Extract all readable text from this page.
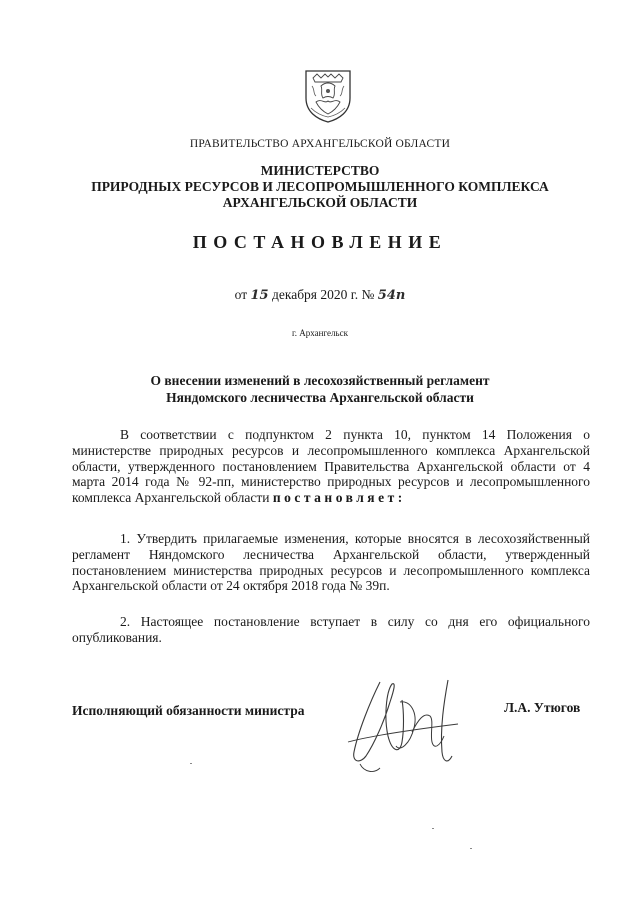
ПРАВИТЕЛЬСТВО АРХАНГЕЛЬСКОЙ ОБЛАСТИ
МИНИСТЕРСТВО
ПРИРОДНЫХ РЕСУРСОВ И ЛЕСОПРОМЫШЛЕННОГО КОМПЛЕКСА
АРХАНГЕЛЬСКОЙ ОБЛАСТИ
ПОСТАНОВЛЕНИЕ
от 15 декабря 2020 г. № 54п
г. Архангельск
О внесении изменений в лесохозяйственный регламент
Няндомского лесничества Архангельской области
В соответствии с подпунктом 2 пункта 10, пунктом 14 Положения о министерстве природных ресурсов и лесопромышленного комплекса Архангельской области, утвержденного постановлением Правительства Архангельской области от 4 марта 2014 года № 92-пп, министерство природных ресурсов и лесопромышленного комплекса Архангельской области постановляет:
1. Утвердить прилагаемые изменения, которые вносятся в лесохозяйственный регламент Няндомского лесничества Архангельской области, утвержденный постановлением министерства природных ресурсов и лесопромышленного комплекса Архангельской области от 24 октября 2018 года № 39п.
2. Настоящее постановление вступает в силу со дня его официального опубликования.
Исполняющий обязанности министра	Л.А. Утюгов
